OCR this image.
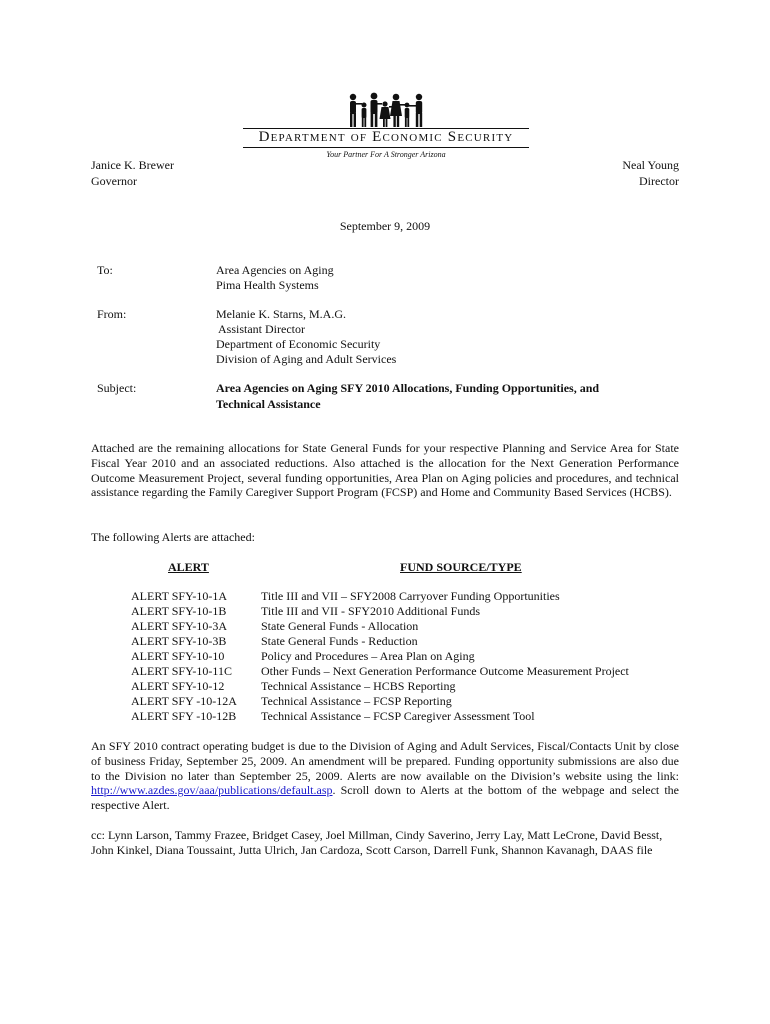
Department of Economic Security
Your Partner For A Stronger Arizona
Janice K. Brewer
Governor
Neal Young
Director
September 9, 2009
To:	Area Agencies on Aging
Pima Health Systems
From:	Melanie K. Starns, M.A.G.
Assistant Director
Department of Economic Security
Division of Aging and Adult Services
Subject:	Area Agencies on Aging SFY 2010 Allocations, Funding Opportunities, and
Technical Assistance
Attached are the remaining allocations for State General Funds for your respective Planning and Service Area for State Fiscal Year 2010 and an associated reductions. Also attached is the allocation for the Next Generation Performance Outcome Measurement Project, several funding opportunities, Area Plan on Aging policies and procedures, and technical assistance regarding the Family Caregiver Support Program (FCSP) and Home and Community Based Services (HCBS).
The following Alerts are attached:
ALERT	FUND SOURCE/TYPE
ALERT SFY-10-1A	Title III and VII – SFY2008 Carryover Funding Opportunities
ALERT SFY-10-1B	Title III and VII - SFY2010 Additional Funds
ALERT SFY-10-3A	State General Funds - Allocation
ALERT SFY-10-3B	State General Funds - Reduction
ALERT SFY-10-10	Policy and Procedures – Area Plan on Aging
ALERT SFY-10-11C Other Funds – Next Generation Performance Outcome Measurement Project
ALERT SFY-10-12	Technical Assistance – HCBS Reporting
ALERT SFY -10-12A Technical Assistance – FCSP Reporting
ALERT SFY -10-12B Technical Assistance – FCSP Caregiver Assessment Tool
An SFY 2010 contract operating budget is due to the Division of Aging and Adult Services, Fiscal/Contacts Unit by close of business Friday, September 25, 2009. An amendment will be prepared. Funding opportunity submissions are also due to the Division no later than September 25, 2009. Alerts are now available on the Division’s website using the link: http://www.azdes.gov/aaa/publications/default.asp. Scroll down to Alerts at the bottom of the webpage and select the respective Alert.
cc: Lynn Larson, Tammy Frazee, Bridget Casey, Joel Millman, Cindy Saverino, Jerry Lay, Matt LeCrone, David Besst, John Kinkel, Diana Toussaint, Jutta Ulrich, Jan Cardoza, Scott Carson, Darrell Funk, Shannon Kavanagh, DAAS file
